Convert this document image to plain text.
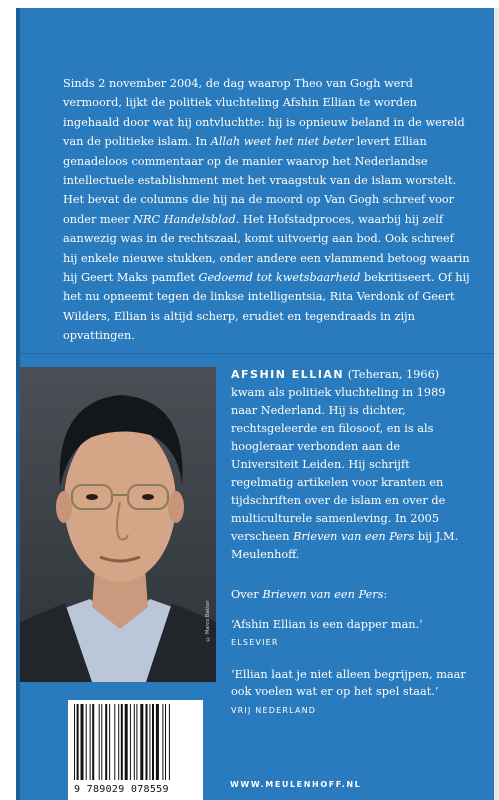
Sinds 2 november 2004, de dag waarop Theo van Gogh werd vermoord, lijkt de politiek vluchteling Afshin Ellian te worden ingehaald door wat hij ontvluchtte: hij is opnieuw beland in de wereld van de politieke islam. In Allah weet het niet beter levert Ellian genadeloos commentaar op de manier waarop het Nederlandse intellectuele establishment met het vraagstuk van de islam worstelt. Het bevat de columns die hij na de moord op Van Gogh schreef voor onder meer NRC Handelsblad. Het Hofstadproces, waarbij hij zelf aanwezig was in de rechtszaal, komt uitvoerig aan bod. Ook schreef hij enkele nieuwe stukken, onder andere een vlammend betoog waarin hij Geert Maks pamflet Gedoemd tot kwetsbaarheid bekritiseert. Of hij het nu opneemt tegen de linkse intelligentsia, Rita Verdonk of Geert Wilders, Ellian is altijd scherp, erudiet en tegendraads in zijn opvattingen.

© Marco Bakker

AFSHIN ELLIAN (Teheran, 1966) kwam als politiek vluchteling in 1989 naar Nederland. Hij is dichter, rechtsgeleerde en filosoof, en is als hoogleraar verbonden aan de Universiteit Leiden. Hij schrijft regelmatig artikelen voor kranten en tijdschriften over de islam en over de multiculturele samenleving. In 2005 verscheen Brieven van een Pers bij J.M. Meulenhoff.

Over Brieven van een Pers:

‘Afshin Ellian is een dapper man.’

ELSEVIER

‘Ellian laat je niet alleen begrijpen, maar ook voelen wat er op het spel staat.’

VRIJ NEDERLAND

9 789029 078559	WWW.MEULENHOFF.NL
